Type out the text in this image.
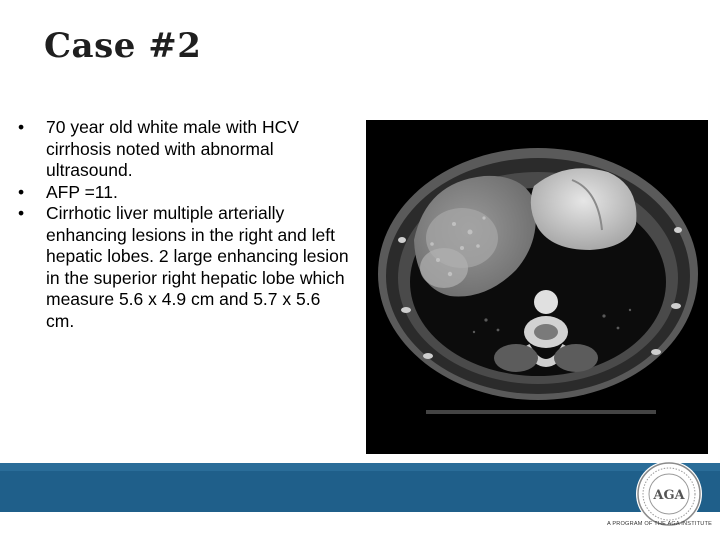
Case #2
• 70 year old white male with HCV cirrhosis noted with abnormal ultrasound.
• AFP =11.
• Cirrhotic liver multiple arterially enhancing lesions in the right and left hepatic lobes. 2 large enhancing lesion in the superior right hepatic lobe which measure 5.6 x 4.9 cm and 5.7 x 5.6 cm.
AGA
A PROGRAM OF THE AGA INSTITUTE
